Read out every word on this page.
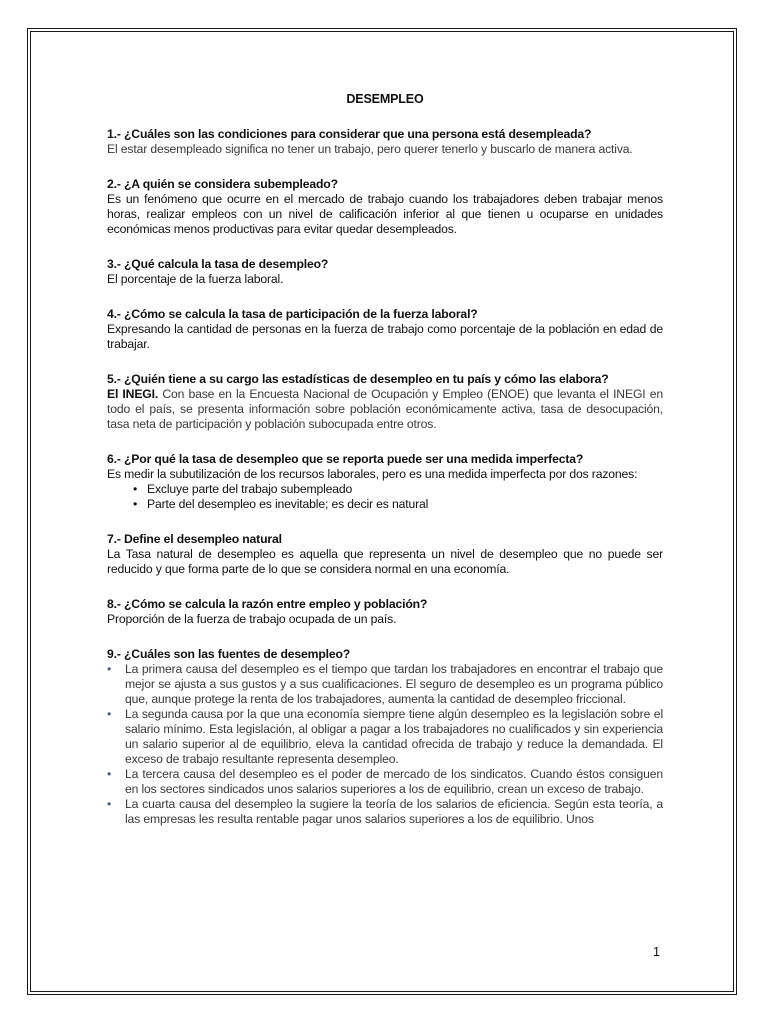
DESEMPLEO
1.- ¿Cuáles son las condiciones para considerar que una persona está desempleada?

El estar desempleado significa no tener un trabajo, pero querer tenerlo y buscarlo de manera activa.

2.- ¿A quién se considera subempleado?

Es un fenómeno que ocurre en el mercado de trabajo cuando los trabajadores deben trabajar menos horas, realizar empleos con un nivel de calificación inferior al que tienen u ocuparse en unidades económicas menos productivas para evitar quedar desempleados.

3.- ¿Qué calcula la tasa de desempleo?

El porcentaje de la fuerza laboral.

4.- ¿Cómo se calcula la tasa de participación de la fuerza laboral?

Expresando la cantidad de personas en la fuerza de trabajo como porcentaje de la población en edad de trabajar.

5.- ¿Quién tiene a su cargo las estadísticas de desempleo en tu país y cómo las elabora?

El INEGI. Con base en la Encuesta Nacional de Ocupación y Empleo (ENOE) que levanta el INEGI en todo el país, se presenta información sobre población económicamente activa, tasa de desocupación, tasa neta de participación y población subocupada entre otros.

6.- ¿Por qué la tasa de desempleo que se reporta puede ser una medida imperfecta?

Es medir la subutilización de los recursos laborales, pero es una medida imperfecta por dos razones:

• Excluye parte del trabajo subempleado
• Parte del desempleo es inevitable; es decir es natural
7.- Define el desempleo natural

La Tasa natural de desempleo es aquella que representa un nivel de desempleo que no puede ser reducido y que forma parte de lo que se considera normal en una economía.

8.- ¿Cómo se calcula la razón entre empleo y población?

Proporción de la fuerza de trabajo ocupada de un país.

9.- ¿Cuáles son las fuentes de desempleo?
• La primera causa del desempleo es el tiempo que tardan los trabajadores en encontrar el trabajo que mejor se ajusta a sus gustos y a sus cualificaciones. El seguro de desempleo es un programa público que, aunque protege la renta de los trabajadores, aumenta la cantidad de desempleo friccional.
• La segunda causa por la que una economía siempre tiene algún desempleo es la legislación sobre el salario mínimo. Esta legislación, al obligar a pagar a los trabajadores no cualificados y sin experiencia un salario superior al de equilibrio, eleva la cantidad ofrecida de trabajo y reduce la demandada. El exceso de trabajo resultante representa desempleo.
• La tercera causa del desempleo es el poder de mercado de los sindicatos. Cuando éstos consiguen en los sectores sindicados unos salarios superiores a los de equilibrio, crean un exceso de trabajo.
• La cuarta causa del desempleo la sugiere la teoría de los salarios de eficiencia. Según esta teoría, a las empresas les resulta rentable pagar unos salarios superiores a los de equilibrio. Unos
1
